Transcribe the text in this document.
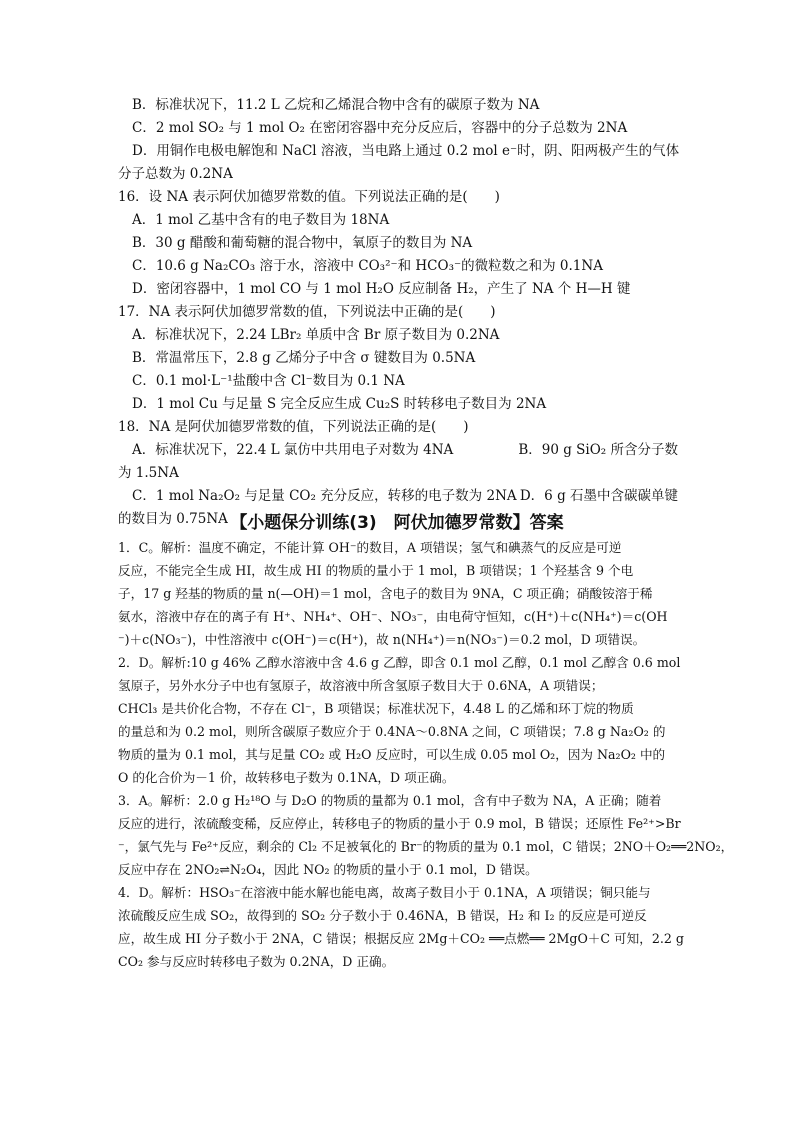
B．标准状况下，11.2 L 乙烷和乙烯混合物中含有的碳原子数为 NA
C．2 mol SO₂ 与 1 mol O₂ 在密闭容器中充分反应后，容器中的分子总数为 2NA
D．用铜作电极电解饱和 NaCl 溶液，当电路上通过 0.2 mol e⁻时，阴、阳两极产生的气体
分子总数为 0.2NA
16．设 NA 表示阿伏加德罗常数的值。下列说法正确的是(　　)
A．1 mol 乙基中含有的电子数目为 18NA
B．30 g 醋酸和葡萄糖的混合物中，氧原子的数目为 NA
C．10.6 g Na₂CO₃ 溶于水，溶液中 CO₃²⁻和 HCO₃⁻的微粒数之和为 0.1NA
D．密闭容器中，1 mol CO 与 1 mol H₂O 反应制备 H₂，产生了 NA 个 H—H 键
17．NA 表示阿伏加德罗常数的值，下列说法中正确的是(　　)
A．标准状况下，2.24 LBr₂ 单质中含 Br 原子数目为 0.2NA
B．常温常压下，2.8 g 乙烯分子中含 σ 键数目为 0.5NA
C．0.1 mol·L⁻¹盐酸中含 Cl⁻数目为 0.1 NA
D．1 mol Cu 与足量 S 完全反应生成 Cu₂S 时转移电子数目为 2NA
18．NA 是阿伏加德罗常数的值，下列说法正确的是(　　)
A．标准状况下，22.4 L 氯仿中共用电子对数为 4NA	B．90 g SiO₂ 所含分子数
为 1.5NA
C．1 mol Na₂O₂ 与足量 CO₂ 充分反应，转移的电子数为 2NA D．6 g 石墨中含碳碳单键
的数目为 0.75NA 【小题保分训练(3)　阿伏加德罗常数】答案
1．C。解析：温度不确定，不能计算 OH⁻的数目，A 项错误；氢气和碘蒸气的反应是可逆
反应，不能完全生成 HI，故生成 HI 的物质的量小于 1 mol，B 项错误；1 个羟基含 9 个电
子，17 g 羟基的物质的量 n(—OH)＝1 mol，含电子的数目为 9NA，C 项正确；硝酸铵溶于稀
氨水，溶液中存在的离子有 H⁺、NH₄⁺、OH⁻、NO₃⁻，由电荷守恒知，c(H⁺)＋c(NH₄⁺)＝c(OH
⁻)＋c(NO₃⁻)，中性溶液中 c(OH⁻)＝c(H⁺)，故 n(NH₄⁺)＝n(NO₃⁻)＝0.2 mol，D 项错误。
2．D。解析:10 g 46% 乙醇水溶液中含 4.6 g 乙醇，即含 0.1 mol 乙醇，0.1 mol 乙醇含 0.6 mol
氢原子，另外水分子中也有氢原子，故溶液中所含氢原子数目大于 0.6NA，A 项错误；
CHCl₃ 是共价化合物，不存在 Cl⁻，B 项错误；标准状况下，4.48 L 的乙烯和环丁烷的物质
的量总和为 0.2 mol，则所含碳原子数应介于 0.4NA～0.8NA 之间，C 项错误；7.8 g Na₂O₂ 的
物质的量为 0.1 mol，其与足量 CO₂ 或 H₂O 反应时，可以生成 0.05 mol O₂，因为 Na₂O₂ 中的
O 的化合价为－1 价，故转移电子数为 0.1NA，D 项正确。
3．A。解析：2.0 g H₂¹⁸O 与 D₂O 的物质的量都为 0.1 mol，含有中子数为 NA，A 正确；随着
反应的进行，浓硫酸变稀，反应停止，转移电子的物质的量小于 0.9 mol，B 错误；还原性 Fe²⁺>Br
⁻，氯气先与 Fe²⁺反应，剩余的 Cl₂ 不足被氧化的 Br⁻的物质的量为 0.1 mol，C 错误；2NO＋O₂══2NO₂，
反应中存在 2NO₂⇌N₂O₄，因此 NO₂ 的物质的量小于 0.1 mol，D 错误。
4．D。解析：HSO₃⁻在溶液中能水解也能电离，故离子数目小于 0.1NA，A 项错误；铜只能与
浓硫酸反应生成 SO₂，故得到的 SO₂ 分子数小于 0.46NA，B 错误，H₂ 和 I₂ 的反应是可逆反
应，故生成 HI 分子数小于 2NA，C 错误；根据反应 2Mg＋CO₂ ══点燃══ 2MgO＋C 可知，2.2 g
CO₂ 参与反应时转移电子数为 0.2NA，D 正确。
